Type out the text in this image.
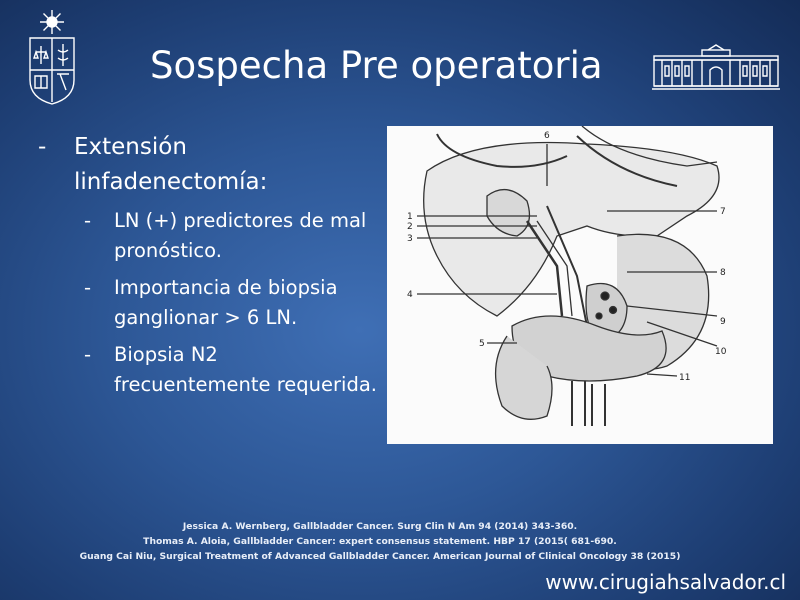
Sospecha Pre operatoria
- Extensión linfadenectomía:
- LN (+) predictores de mal pronóstico.
- Importancia de biopsia ganglionar > 6 LN.
- Biopsia N2 frecuentemente requerida.
1
2
3
4
5
6
7
8
9
10
11
Jessica A. Wernberg, Gallbladder Cancer. Surg Clin N Am 94 (2014) 343-360.
Thomas A. Aloia, Gallbladder Cancer: expert consensus statement. HBP 17 (2015( 681-690.
Guang Cai Niu, Surgical Treatment of Advanced Gallbladder Cancer. American Journal of Clinical Oncology 38 (2015)
www.cirugiahsalvador.cl
